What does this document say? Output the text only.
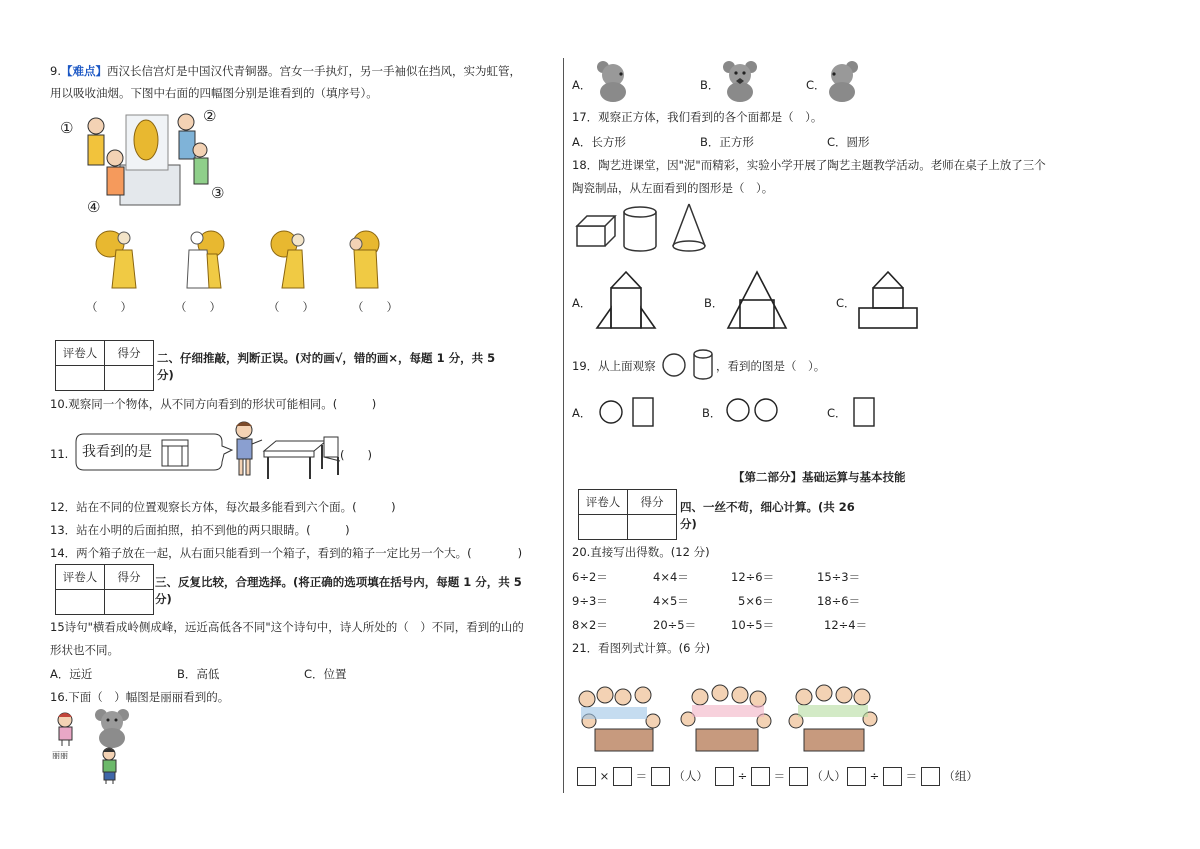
9.【难点】西汉长信宫灯是中国汉代青铜器。宫女一手执灯，另一手袖似在挡风，实为虹管，
用以吸收油烟。下图中右面的四幅图分别是谁看到的（填序号）。
①
②
③
④
（　　）	（　　）	（　　）	（　　）
评卷人	得分
	二、仔细推敲，判断正误。(对的画√，错的画×，每题 1 分，共 5
分)
10.观察同一个物体，从不同方向看到的形状可能相同。(　　　)
11. 我看到的是	(　　)
12．站在不同的位置观察长方体，每次最多能看到六个面。(　　　)
13．站在小明的后面拍照，拍不到他的两只眼睛。(　　　)
14．两个箱子放在一起，从右面只能看到一个箱子，看到的箱子一定比另一个大。(　　　　)
评卷人	得分
	三、反复比较，合理选择。(将正确的选项填在括号内，每题 1 分，共 5
分)
15诗句"横看成岭侧成峰，远近高低各不同"这个诗句中，诗人所处的（　）不同，看到的山的
形状也不同。
A．远近	B．高低	C．位置
16.下面（　）幅图是丽丽看到的。
丽丽
A．	B．	C．
17．观察正方体，我们看到的各个面都是（　）。
A．长方形	B．正方形	C．圆形
18．陶艺进课堂，因"泥"而精彩，实验小学开展了陶艺主题教学活动。老师在桌子上放了三个
陶瓷制品，从左面看到的图形是（　）。
A．	B．	C．
19．从上面观察	，看到的图是（　）。
A．	B．	C．
【第二部分】基础运算与基本技能
评卷人	得分
	四、一丝不苟，细心计算。(共 26
分)
20.直接写出得数。(12 分)
6÷2＝	4×4＝	12÷6＝	15÷3＝
9÷3＝	4×5＝	5×6＝	18÷6＝
8×2＝	20÷5＝	10÷5＝	12÷4＝
21．看图列式计算。(6 分)
× ＝ （人）	÷ ＝ （人）	÷ ＝ （组）
